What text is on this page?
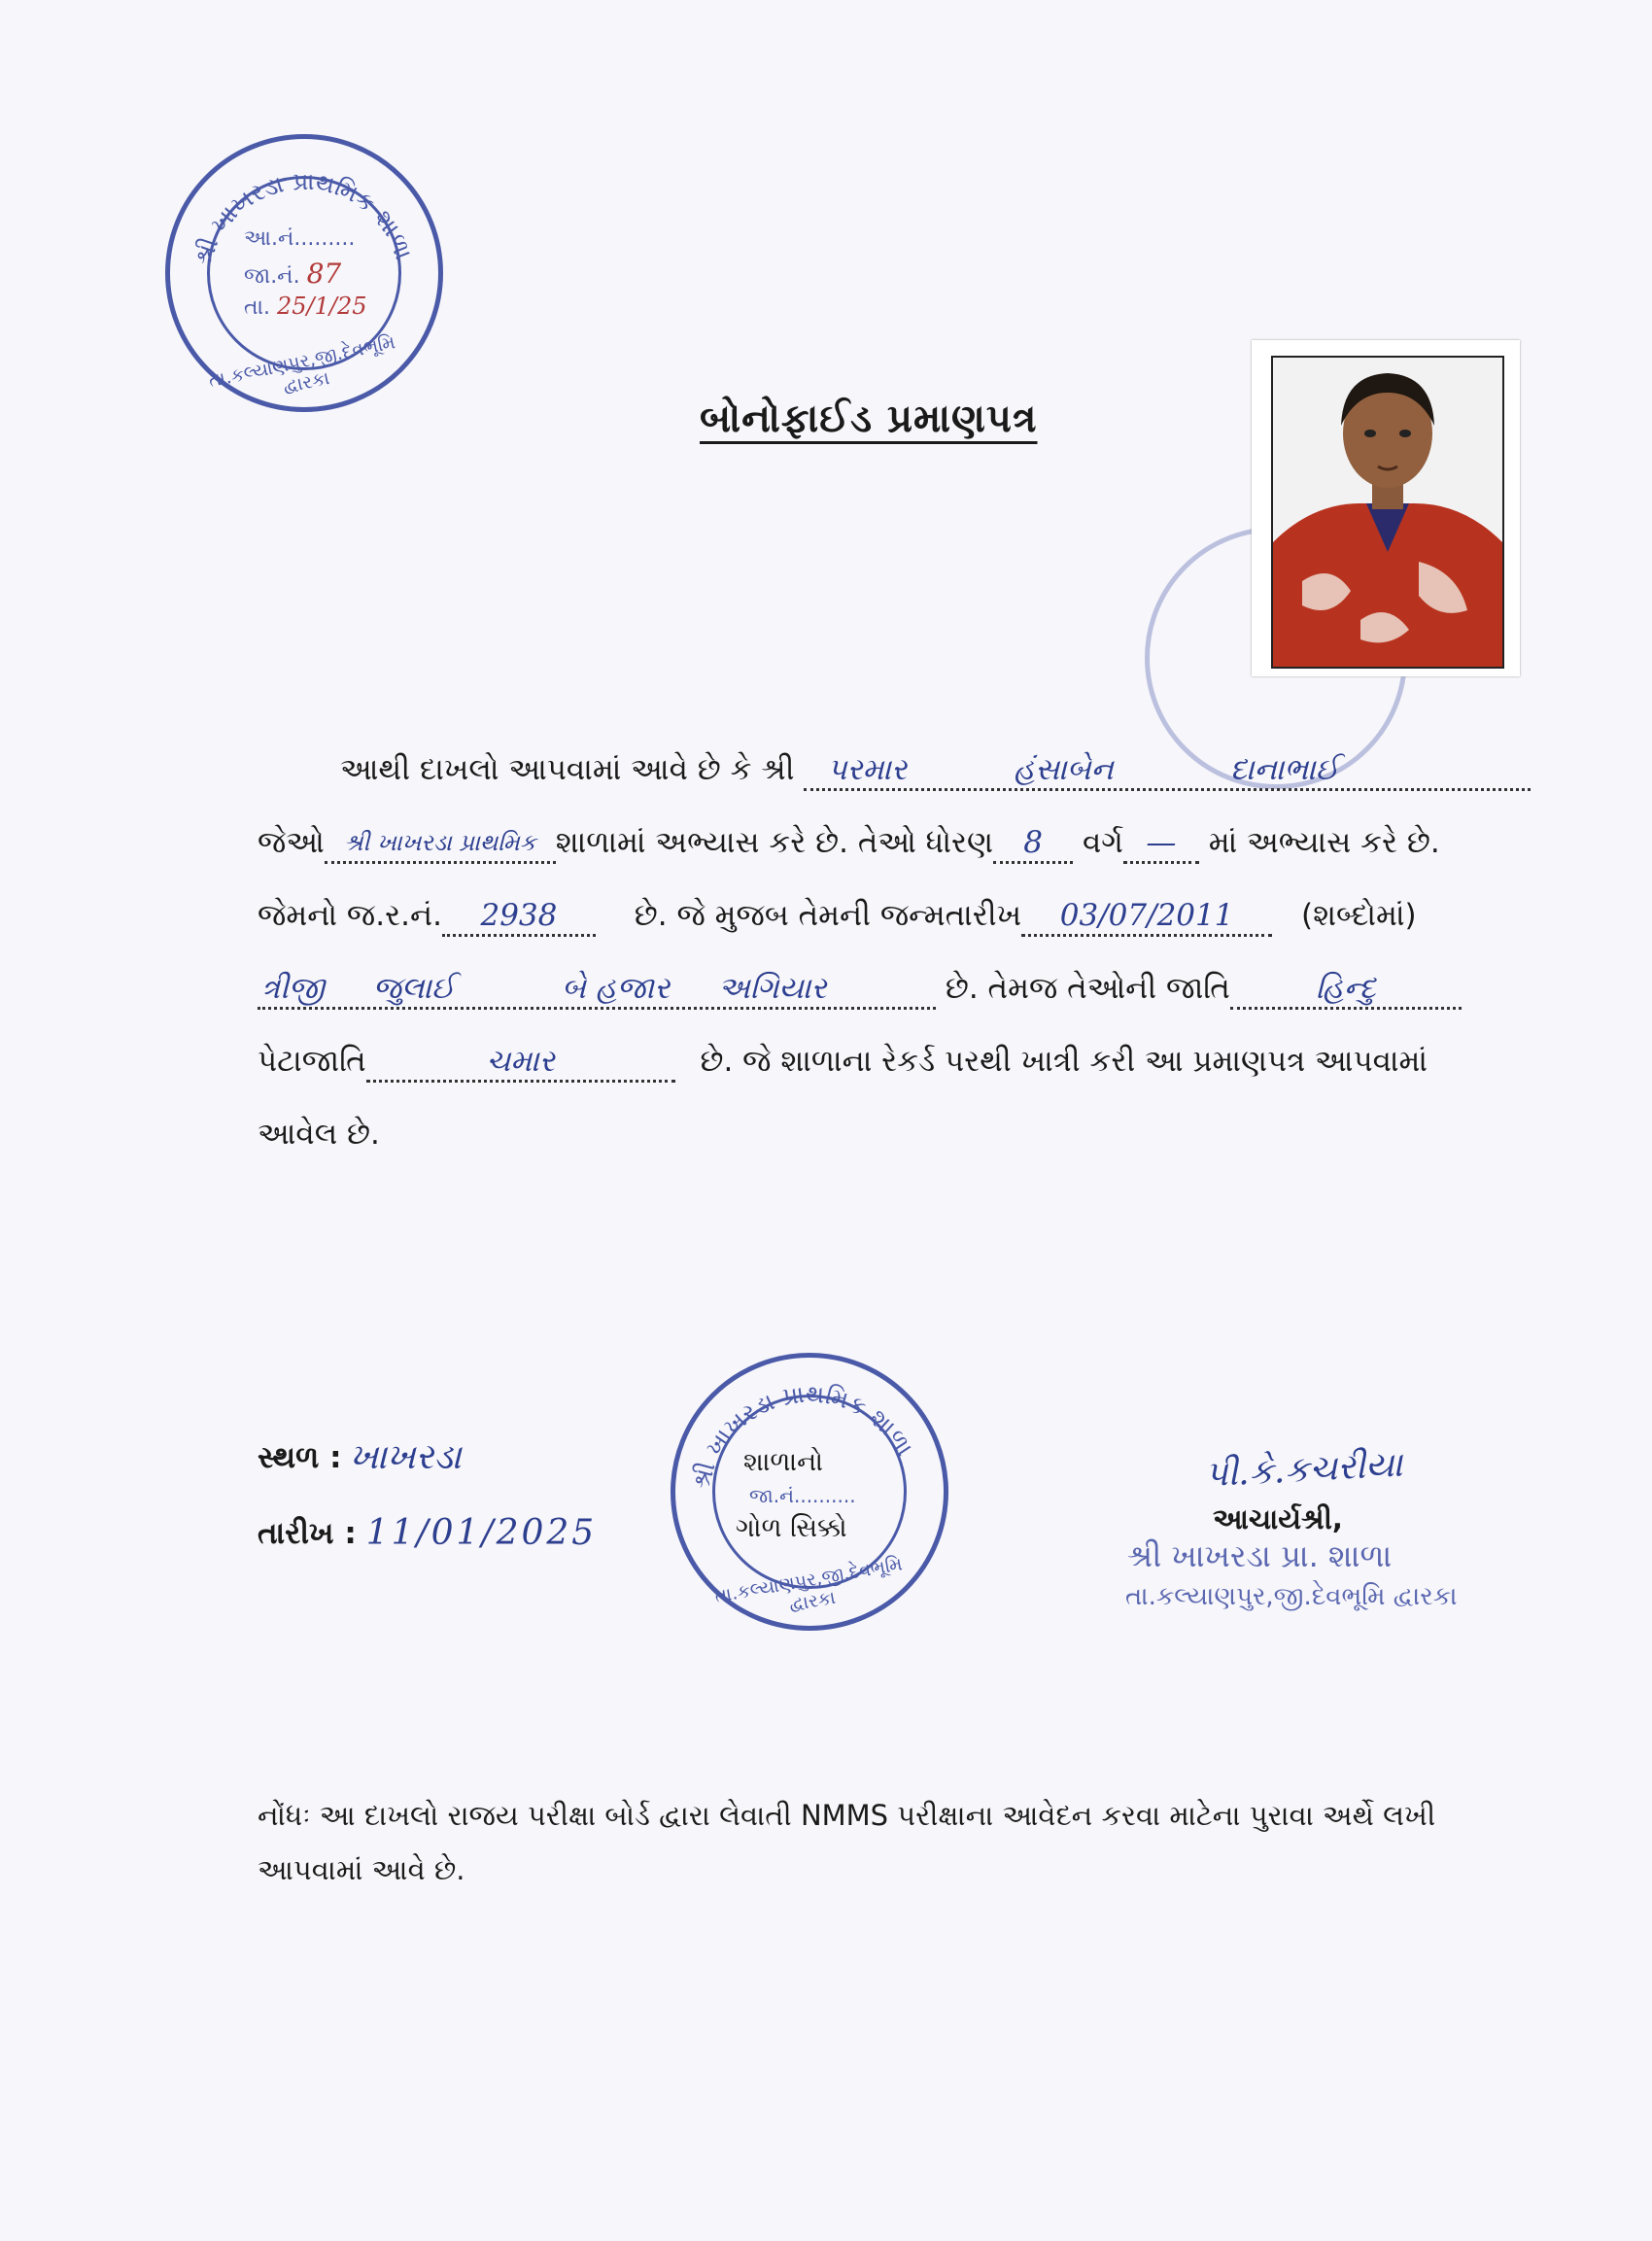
શ્રી ખાખરડા પ્રાથમિક શાળા
આ.નં.........
જા.નં. 87
તા. 25/1/25
તા.કલ્યાણપુર,જી.દેવભૂમિ દ્વારકા
બોનોફાઈડ પ્રમાણપત્ર
આથી દાખલો આપવામાં આવે છે કે શ્રી પરમાર	હંસાબેન	દાનાભાઈ
જેઓ શ્રી ખાખરડા પ્રાથમિક શાળામાં અભ્યાસ કરે છે. તેઓ ધોરણ 8 વર્ગ — માં અભ્યાસ કરે છે.
જેમનો જ.ર.નં. 2938	છે. જે મુજબ તેમની જન્મતારીખ 03/07/2011 (શબ્દોમાં)
ત્રીજી જુલાઈ	બે હજાર અગિયાર	છે. તેમજ તેઓની જાતિ	હિન્દુ
પેટાજાતિ	ચમાર	છે. જે શાળાના રેકર્ડ પરથી ખાત્રી કરી આ પ્રમાણપત્ર આપવામાં
આવેલ છે.
સ્થળ : ખાખરડા
તારીખ : 11/01/2025
શ્રી ખાખરડા પ્રાથમિક શાળા
શાળાનો
જા.નં..........
ગોળ સિક્કો
તા.કલ્યાણપુર,જી.દેવભૂમિ દ્વારકા
પી.કે.કચરીયા
આચાર્યશ્રી,
શ્રી ખાખરડા પ્રા. શાળા
તા.કલ્યાણપુર,જી.દેવભૂમિ દ્વારકા
નોંધઃ આ દાખલો રાજય પરીક્ષા બોર્ડ દ્વારા લેવાતી NMMS પરીક્ષાના આવેદન કરવા માટેના પુરાવા અર્થે લખી આપવામાં આવે છે.
